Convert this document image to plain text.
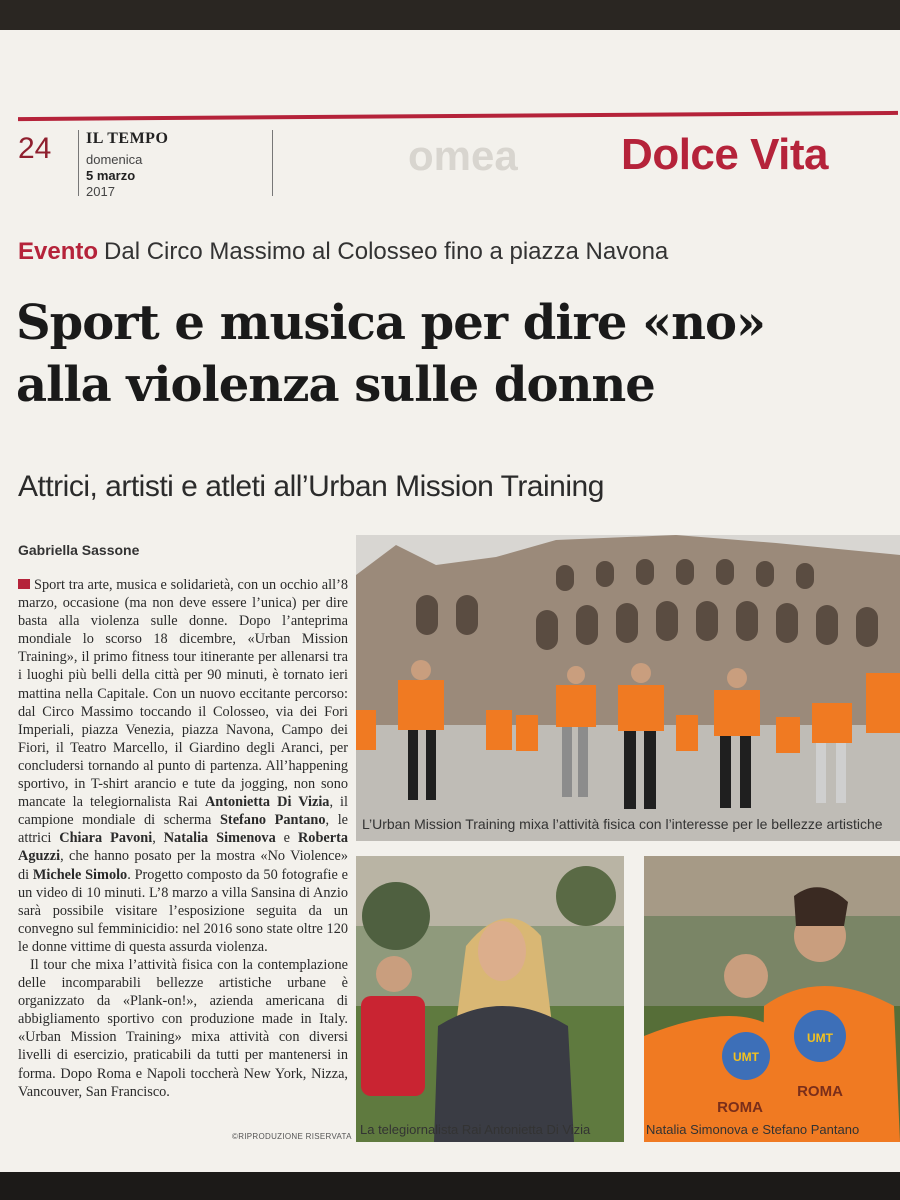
24 IL TEMPO
domenica
5 marzo
2017
omea Dolce Vita
Evento Dal Circo Massimo al Colosseo fino a piazza Navona
Sport e musica per dire «no»
alla violenza sulle donne
Attrici, artisti e atleti all’Urban Mission Training
Gabriella Sassone

Sport tra arte, musica e solidarietà, con un occhio all’8 marzo, occasione (ma non deve essere l’unica) per dire basta alla violenza sulle donne. Dopo l’anteprima mondiale lo scorso 18 dicembre, «Urban Mission Training», il primo fitness tour itinerante per allenarsi tra i luoghi più belli della città per 90 minuti, è tornato ieri mattina nella Capitale. Con un nuovo eccitante percorso: dal Circo Massimo toccando il Colosseo, via dei Fori Imperiali, piazza Venezia, piazza Navona, Campo dei Fiori, il Teatro Marcello, il Giardino degli Aranci, per concludersi tornando al punto di partenza. All’happening sportivo, in T-shirt arancio e tute da jogging, non sono mancate la telegiornalista Rai Antonietta Di Vizia, il campione mondiale di scherma Stefano Pantano, le attrici Chiara Pavoni, Natalia Simenova e Roberta Aguzzi, che hanno posato per la mostra «No Violence» di Michele Simolo. Progetto composto da 50 fotografie e un video di 10 minuti. L’8 marzo a villa Sansina di Anzio sarà possibile visitare l’esposizione seguita da un convegno sul femminicidio: nel 2016 sono state oltre 120 le donne vittime di questa assurda violenza.

Il tour che mixa l’attività fisica con la contemplazione delle incomparabili bellezze artistiche urbane è organizzato da «Plank-on!», azienda americana di abbigliamento sportivo con produzione made in Italy. «Urban Mission Training» mixa attività con diversi livelli di esercizio, praticabili da tutti per mantenersi in forma. Dopo Roma e Napoli toccherà New York, Nizza, Vancouver, San Francisco.

©RIPRODUZIONE RISERVATA
L’Urban Mission Training mixa l’attività fisica con l’interesse per le bellezze artistiche
La telegiornalista Rai Antonietta Di Vizia
UMT
UMT
ROMA
ROMA
Natalia Simonova e Stefano Pantano
